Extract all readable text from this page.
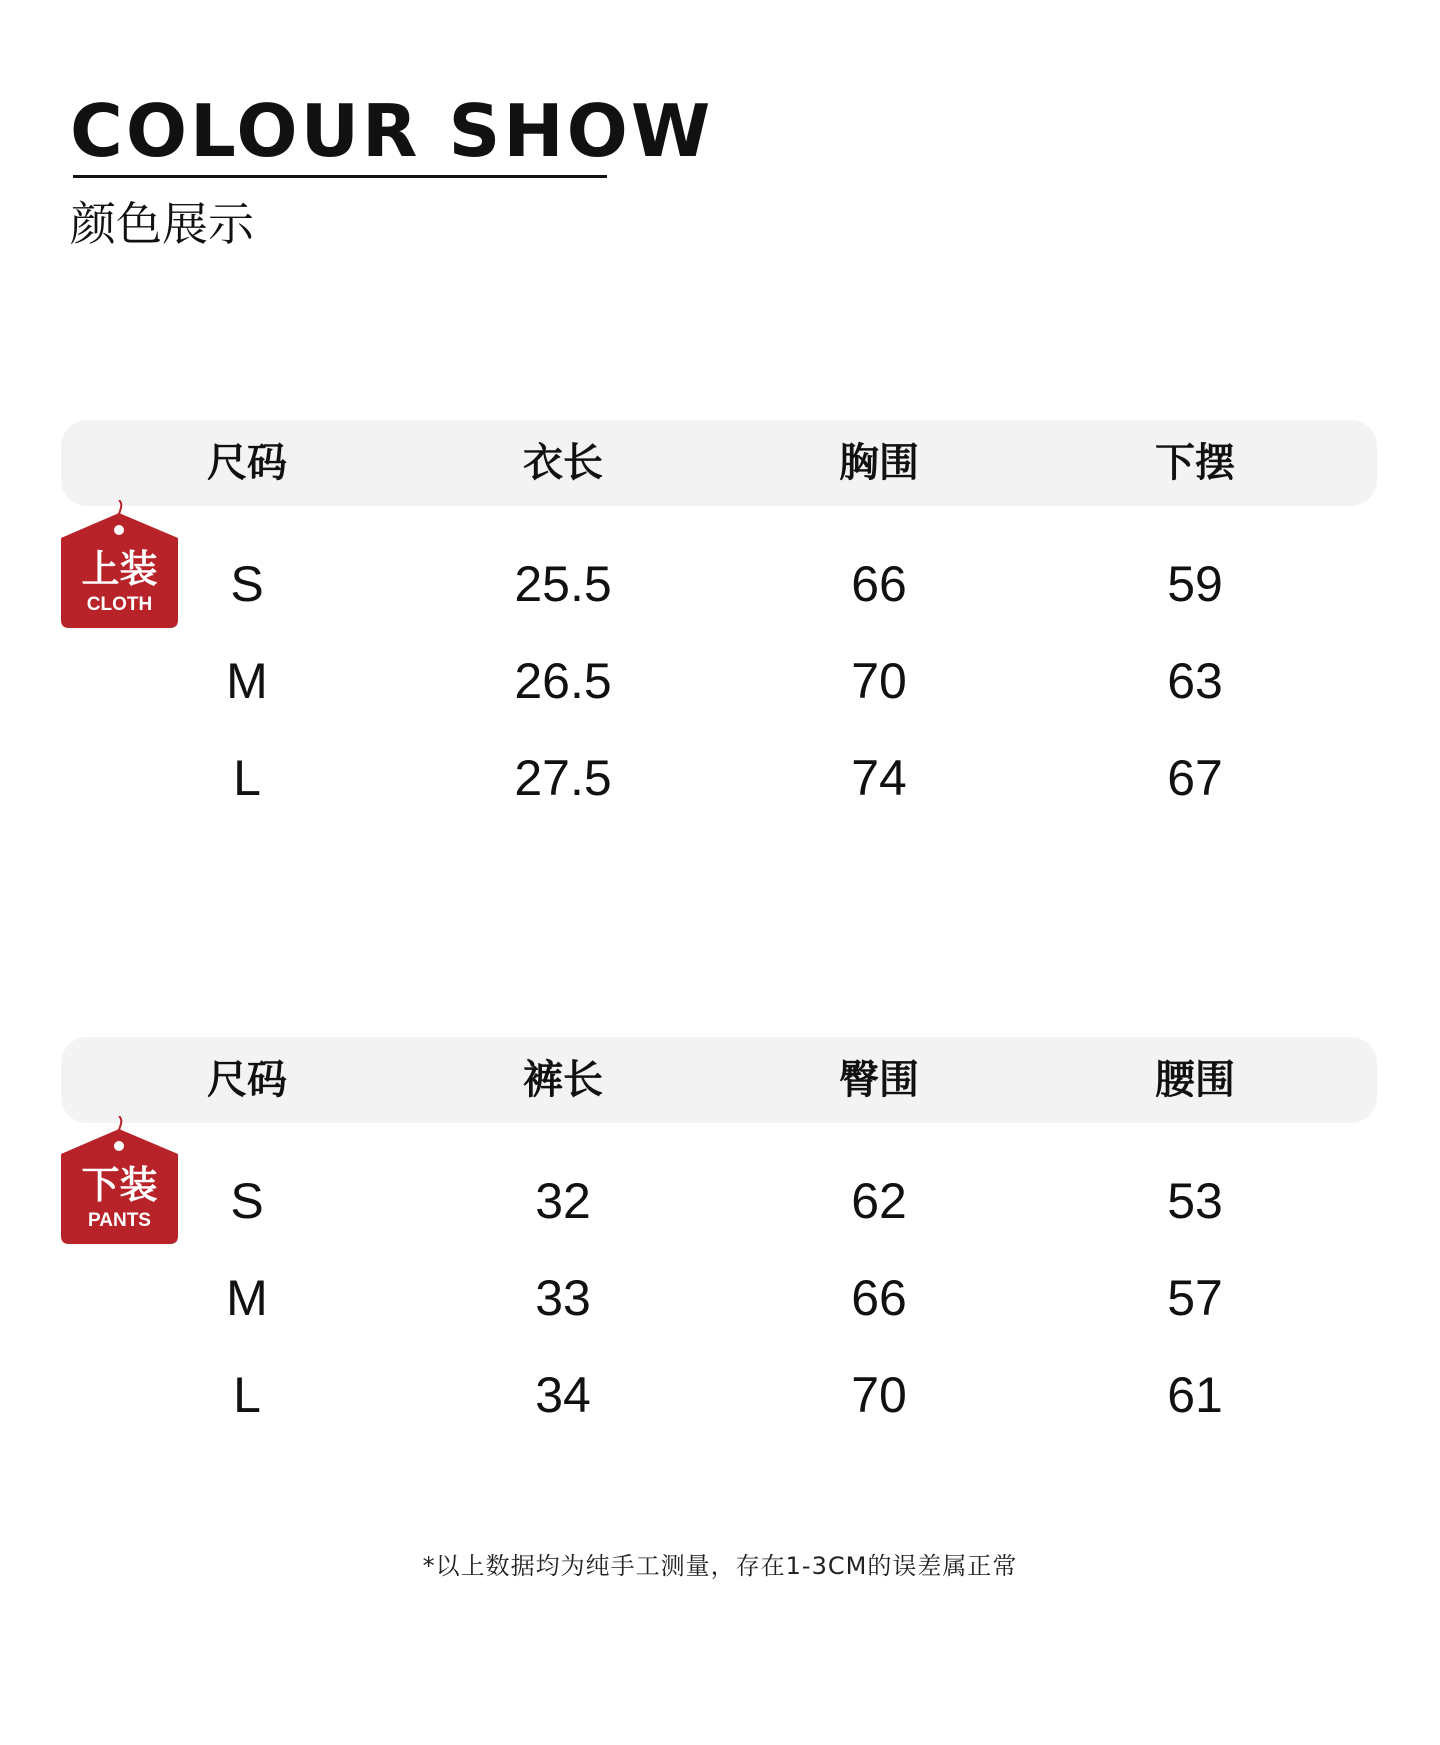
COLOUR SHOW
颜色展示
尺码	衣长	胸围	下摆
S	25.5	66	59
M	26.5	70	63
L	27.5	74	67
上装
CLOTH
尺码	裤长	臀围	腰围
S	32	62	53
M	33	66	57
L	34	70	61
下装
PANTS
*以上数据均为纯手工测量，存在1-3CM的误差属正常
